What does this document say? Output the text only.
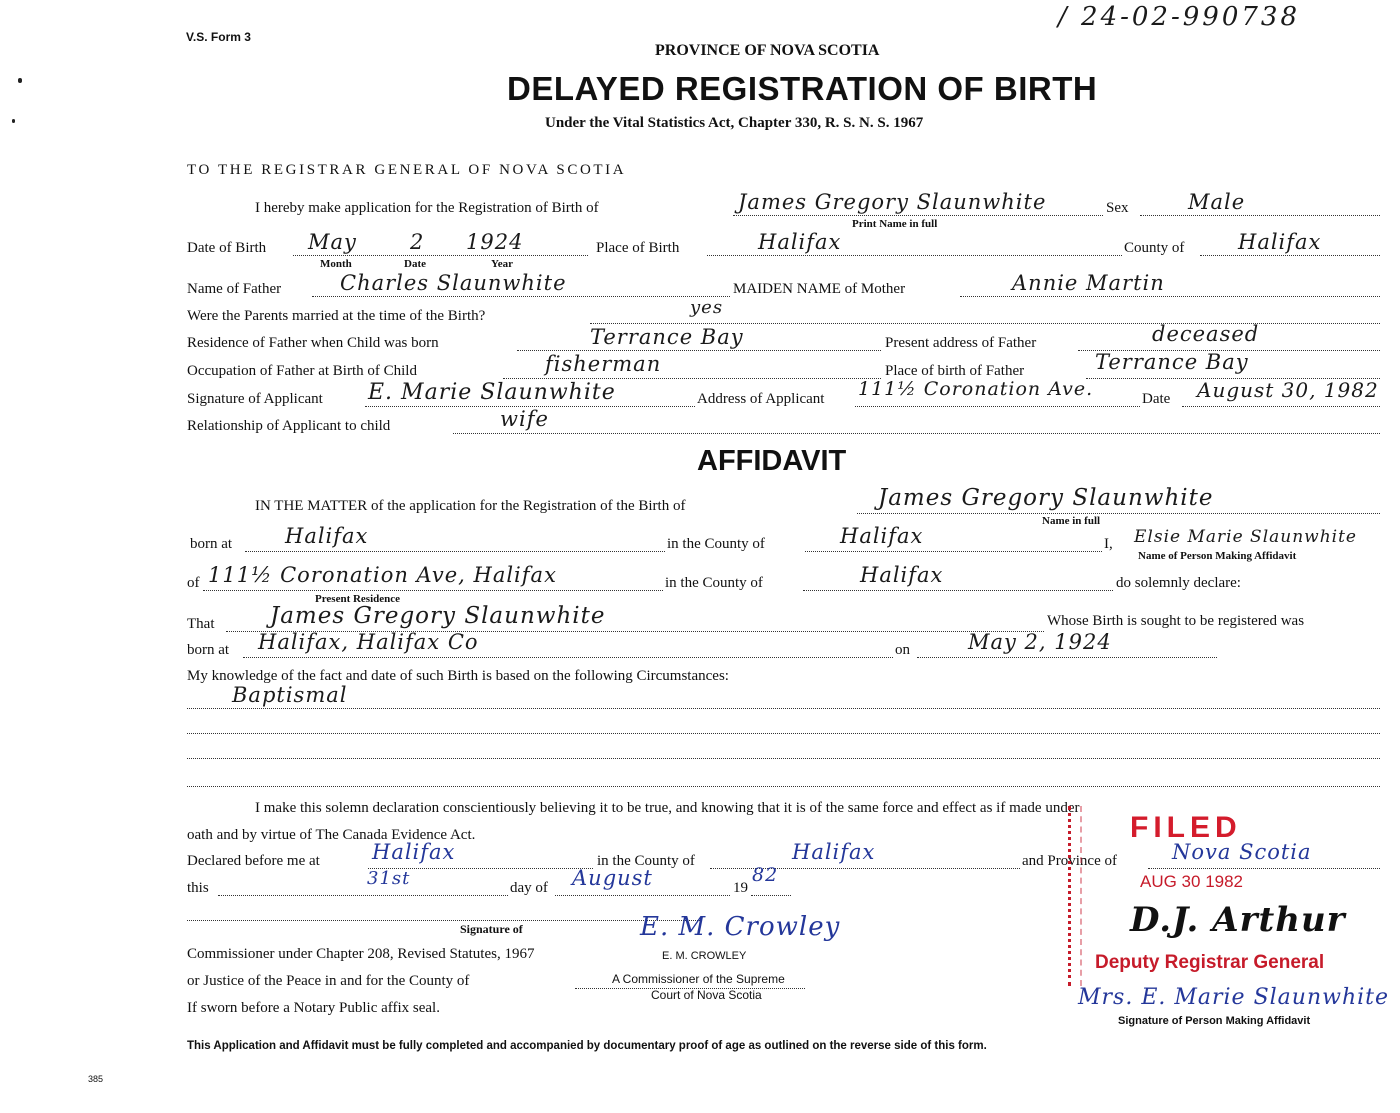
V.S. Form 3
/ 24-02-990738
PROVINCE OF NOVA SCOTIA
DELAYED REGISTRATION OF BIRTH
Under the Vital Statistics Act, Chapter 330, R. S. N. S. 1967
TO THE REGISTRAR GENERAL OF NOVA SCOTIA
I hereby make application for the Registration of Birth of	James Gregory Slaunwhite
Print Name in full
Sex	Male
Date of Birth May	2 1924
Month	Date	Year
Place of Birth	Halifax	County of	Halifax
Name of Father	Charles Slaunwhite	MAIDEN NAME of Mother	Annie Martin
Were the Parents married at the time of the Birth?	yes
Residence of Father when Child was born	Terrance Bay	Present address of Father	deceased
Occupation of Father at Birth of Child	fisherman	Place of birth of Father	Terrance Bay
Signature of Applicant E. Marie Slaunwhite	Address of Applicant 111½ Coronation Ave.	Date August 30, 1982
Relationship of Applicant to child	wife
AFFIDAVIT
IN THE MATTER of the application for the Registration of the Birth of	James Gregory Slaunwhite
Name in full
born at	Halifax	in the County of	Halifax	I, Elsie Marie Slaunwhite
Name of Person Making Affidavit
of 111½ Coronation Ave, Halifax
Present Residence
in the County of	Halifax	do solemnly declare:
That James Gregory Slaunwhite	Whose Birth is sought to be registered was
born at Halifax, Halifax Co	on	May 2, 1924
My knowledge of the fact and date of such Birth is based on the following Circumstances:
Baptismal
I make this solemn declaration conscientiously believing it to be true, and knowing that it is of the same force and effect as if made under
oath and by virtue of The Canada Evidence Act.
Declared before me at Halifax	in the County of	Halifax	and Province of	Nova Scotia
this	31st	day of August	19
82
Signature of
Commissioner under Chapter 208, Revised Statutes, 1967
or Justice of the Peace in and for the County of
If sworn before a Notary Public affix seal.
E. M. Crowley
E. M. CROWLEY
A Commissioner of the Supreme
Court of Nova Scotia
FILED
AUG 30 1982
D.J. Arthur
Deputy Registrar General
Mrs. E. Marie Slaunwhite
Signature of Person Making Affidavit
This Application and Affidavit must be fully completed and accompanied by documentary proof of age as outlined on the reverse side of this form.
385
